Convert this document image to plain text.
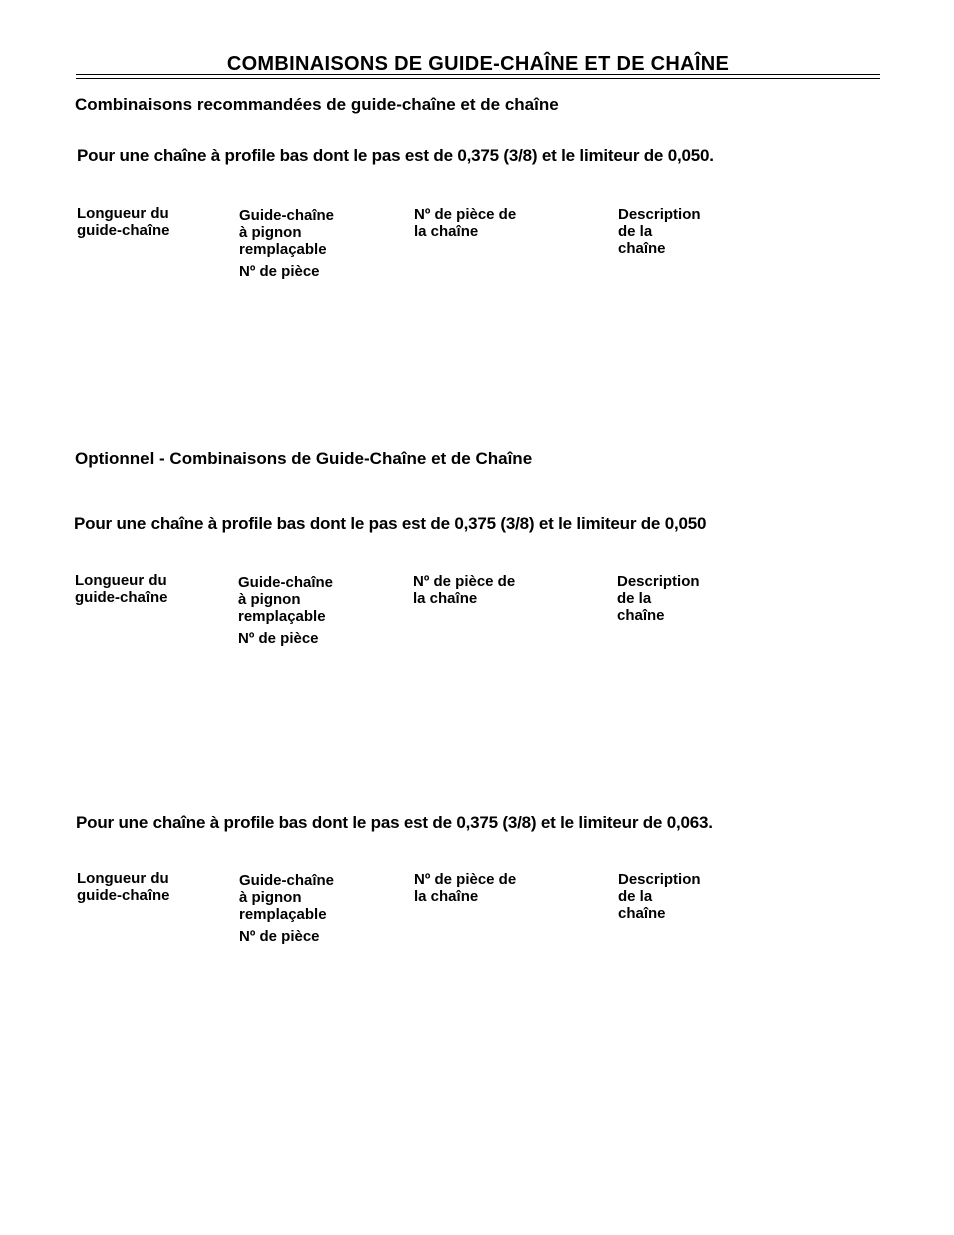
COMBINAISONS DE GUIDE-CHAÎNE ET DE CHAÎNE
Combinaisons recommandées de guide-chaîne et de chaîne
Pour une chaîne à profile bas dont le pas est de 0,375 (3/8) et le limiteur de 0,050.
Longueur du
guide-chaîne
Guide-chaîne
à pignon
remplaçable
Nº de pièce
Nº de pièce de
la chaîne
Description
de la
chaîne
Optionnel - Combinaisons de Guide-Chaîne et de Chaîne
Pour une chaîne à profile bas dont le pas est de 0,375 (3/8) et le limiteur de 0,050
Longueur du
guide-chaîne
Guide-chaîne
à pignon
remplaçable
Nº de pièce
Nº de pièce de
la chaîne
Description
de la
chaîne
Pour une chaîne à profile bas dont le pas est de 0,375 (3/8) et le limiteur de 0,063.
Longueur du
guide-chaîne
Guide-chaîne
à pignon
remplaçable
Nº de pièce
Nº de pièce de
la chaîne
Description
de la
chaîne
